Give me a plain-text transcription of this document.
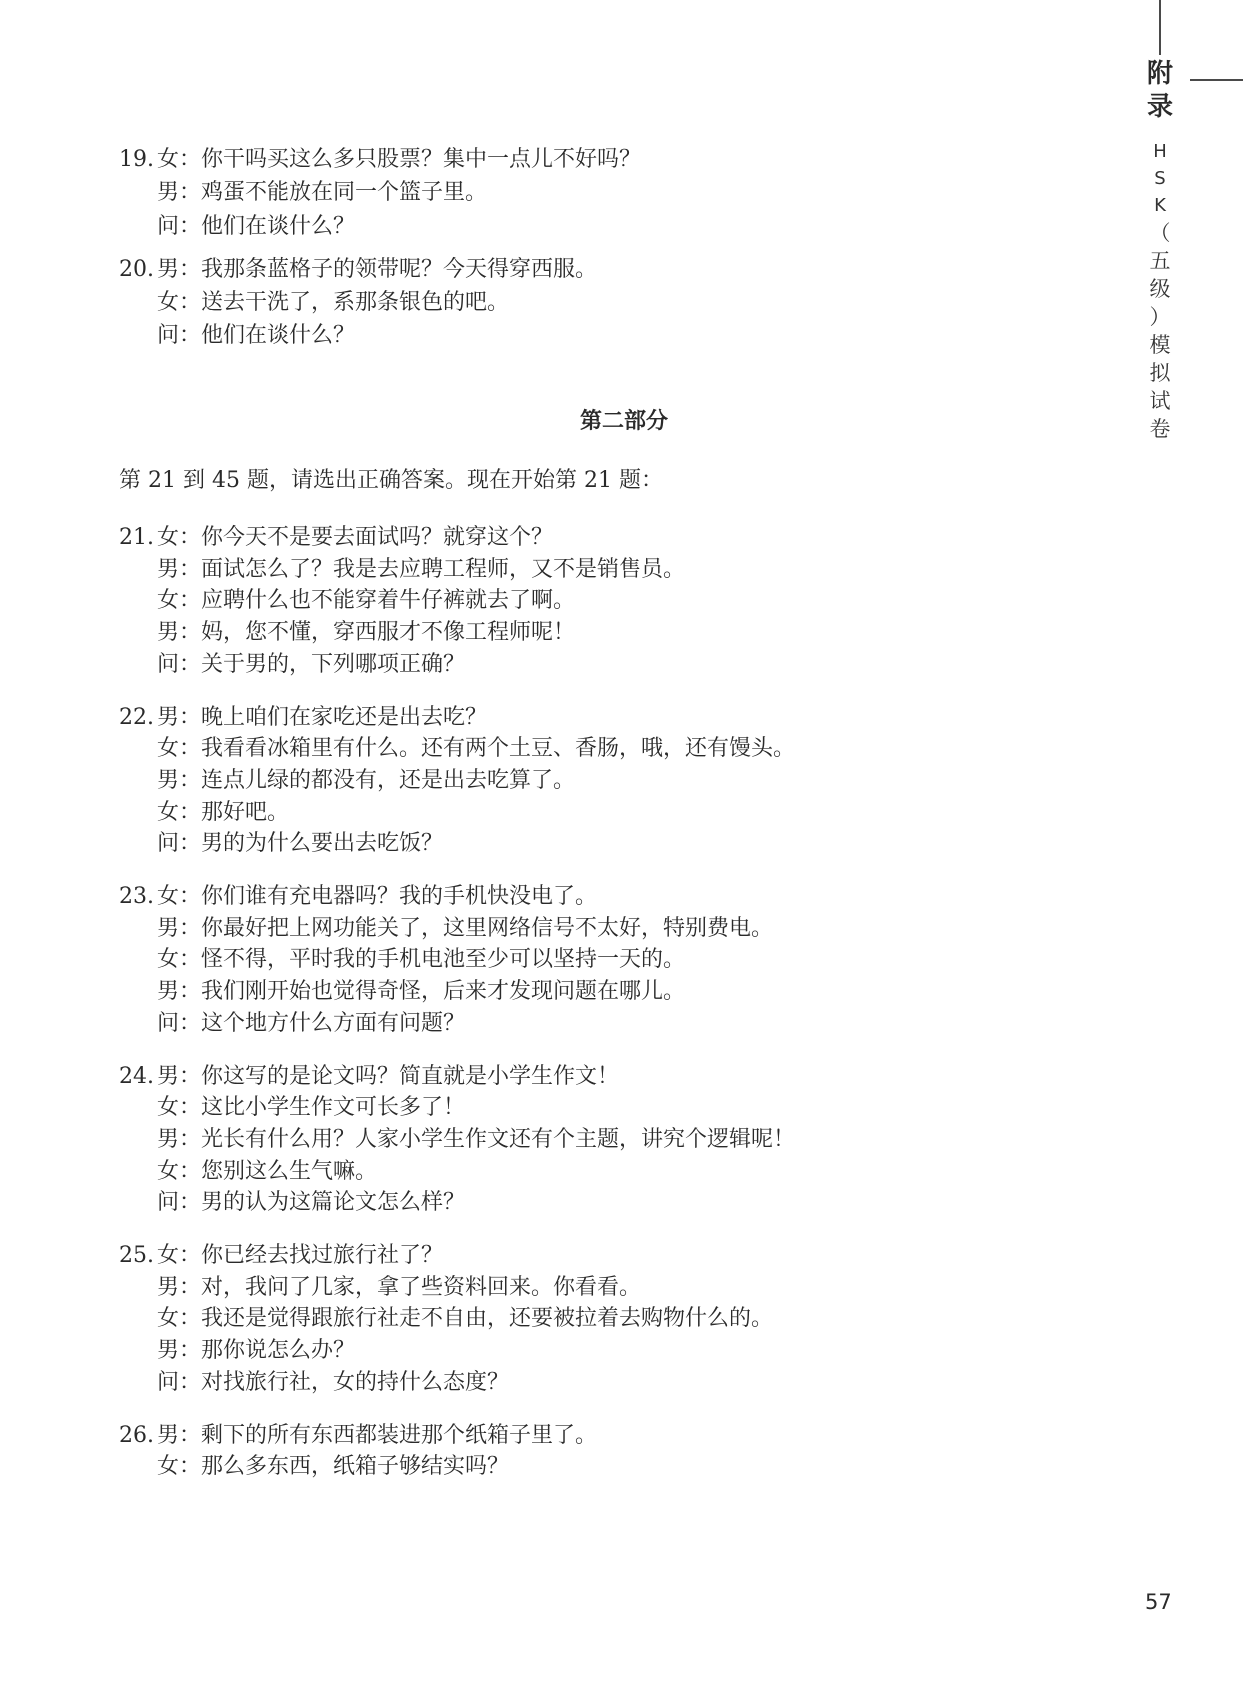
附
录
H
S
K
（
五
级
）
模
拟
试
卷
19. 女：你干吗买这么多只股票？集中一点儿不好吗？
男：鸡蛋不能放在同一个篮子里。
问：他们在谈什么？
20. 男：我那条蓝格子的领带呢？今天得穿西服。
女：送去干洗了，系那条银色的吧。
问：他们在谈什么？
第二部分
第 21 到 45 题，请选出正确答案。现在开始第 21 题：
21. 女：你今天不是要去面试吗？就穿这个？
男：面试怎么了？我是去应聘工程师，又不是销售员。
女：应聘什么也不能穿着牛仔裤就去了啊。
男：妈，您不懂，穿西服才不像工程师呢！
问：关于男的，下列哪项正确？
22. 男：晚上咱们在家吃还是出去吃？
女：我看看冰箱里有什么。还有两个土豆、香肠，哦，还有馒头。
男：连点儿绿的都没有，还是出去吃算了。
女：那好吧。
问：男的为什么要出去吃饭？
23. 女：你们谁有充电器吗？我的手机快没电了。
男：你最好把上网功能关了，这里网络信号不太好，特别费电。
女：怪不得，平时我的手机电池至少可以坚持一天的。
男：我们刚开始也觉得奇怪，后来才发现问题在哪儿。
问：这个地方什么方面有问题？
24. 男：你这写的是论文吗？简直就是小学生作文！
女：这比小学生作文可长多了！
男：光长有什么用？人家小学生作文还有个主题，讲究个逻辑呢！
女：您别这么生气嘛。
问：男的认为这篇论文怎么样？
25. 女：你已经去找过旅行社了？
男：对，我问了几家，拿了些资料回来。你看看。
女：我还是觉得跟旅行社走不自由，还要被拉着去购物什么的。
男：那你说怎么办？
问：对找旅行社，女的持什么态度？
26. 男：剩下的所有东西都装进那个纸箱子里了。
女：那么多东西，纸箱子够结实吗？
57
